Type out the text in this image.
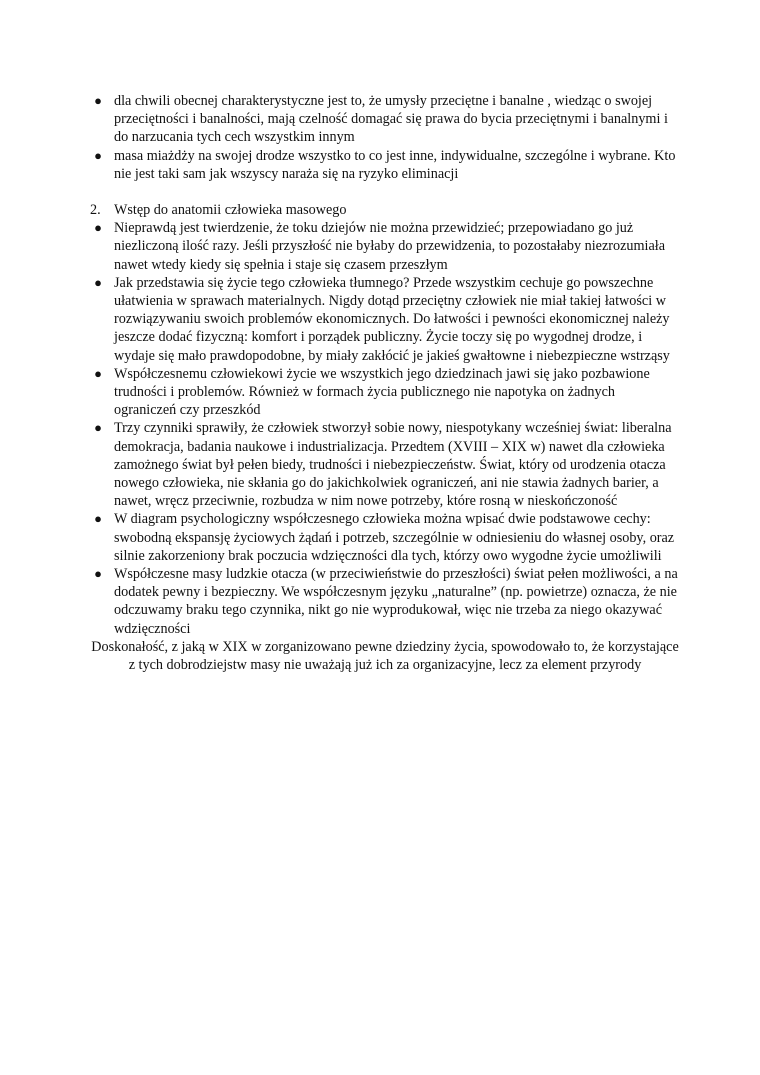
● dla chwili obecnej charakterystyczne jest to, że umysły przeciętne i banalne , wiedząc o swojej przeciętności i banalności, mają czelność domagać się prawa do bycia przeciętnymi i banalnymi i do narzucania tych cech wszystkim innym
● masa miażdży na swojej drodze wszystko to co jest inne, indywidualne, szczególne i wybrane. Kto nie jest taki sam jak wszyscy naraża się na ryzyko eliminacji
2. Wstęp do anatomii człowieka masowego
● Nieprawdą jest twierdzenie, że toku dziejów nie można przewidzieć; przepowiadano go już niezliczoną ilość razy. Jeśli przyszłość nie byłaby do przewidzenia, to pozostałaby niezrozumiała nawet wtedy kiedy się spełnia i staje się czasem przeszłym
● Jak przedstawia się życie tego człowieka tłumnego? Przede wszystkim cechuje go powszechne ułatwienia w sprawach materialnych. Nigdy dotąd przeciętny człowiek nie miał takiej łatwości w rozwiązywaniu swoich problemów ekonomicznych. Do łatwości i pewności ekonomicznej należy jeszcze dodać fizyczną: komfort i porządek publiczny. Życie toczy się po wygodnej drodze, i wydaje się mało prawdopodobne, by miały zakłócić je jakieś gwałtowne i niebezpieczne wstrząsy
● Współczesnemu człowiekowi życie we wszystkich jego dziedzinach jawi się jako pozbawione trudności i problemów. Również w formach życia publicznego nie napotyka on żadnych ograniczeń czy przeszkód
● Trzy czynniki sprawiły, że człowiek stworzył sobie nowy, niespotykany wcześniej świat: liberalna demokracja, badania naukowe i industrializacja. Przedtem (XVIII – XIX w) nawet dla człowieka zamożnego świat był pełen biedy, trudności i niebezpieczeństw. Świat, który od urodzenia otacza nowego człowieka, nie skłania go do jakichkolwiek ograniczeń, ani nie stawia żadnych barier, a nawet, wręcz przeciwnie, rozbudza w nim nowe potrzeby, które rosną w nieskończoność
● W diagram psychologiczny współczesnego człowieka można wpisać dwie podstawowe cechy: swobodną ekspansję życiowych żądań i potrzeb, szczególnie w odniesieniu do własnej osoby, oraz silnie zakorzeniony brak poczucia wdzięczności dla tych, którzy owo wygodne życie umożliwili
● Współczesne masy ludzkie otacza (w przeciwieństwie do przeszłości) świat pełen możliwości, a na dodatek pewny i bezpieczny. We współczesnym języku „naturalne” (np. powietrze) oznacza, że nie odczuwamy braku tego czynnika, nikt go nie wyprodukował, więc nie trzeba za niego okazywać wdzięczności

Doskonałość, z jaką w XIX w zorganizowano pewne dziedziny życia, spowodowało to, że korzystające z tych dobrodziejstw masy nie uważają już ich za organizacyjne, lecz za element przyrody
